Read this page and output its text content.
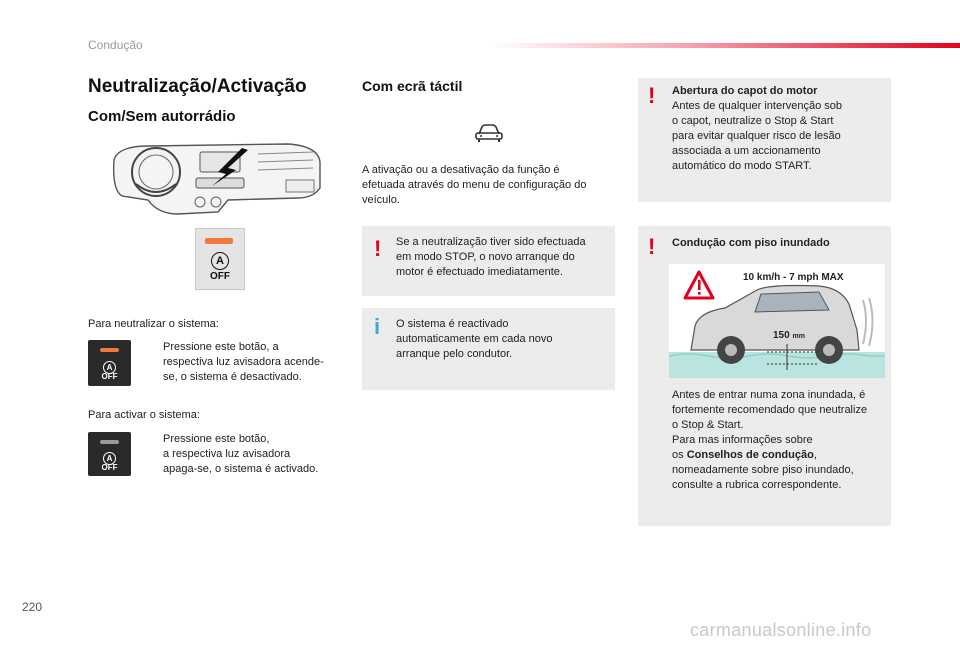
Condução
Neutralização/Activação
Com/Sem autorrádio
A
OFF
Para neutralizar o sistema:
A
OFF
Pressione este botão, a
respectiva luz avisadora acende-
se, o sistema é desactivado.
Para activar o sistema:
A
OFF
Pressione este botão,
a respectiva luz avisadora
apaga-se, o sistema é activado.
Com ecrã táctil
A ativação ou a desativação da função é
efetuada através do menu de configuração do
veículo.
! Se a neutralização tiver sido efectuada
em modo STOP, o novo arranque do
motor é efectuado imediatamente.
i O sistema é reactivado
automaticamente em cada novo
arranque pelo condutor.
! Abertura do capot do motor
Antes de qualquer intervenção sob
o capot, neutralize o Stop & Start
para evitar qualquer risco de lesão
associada a um accionamento
automático do modo START.
! Condução com piso inundado
10 km/h - 7 mph MAX
150 mm
Antes de entrar numa zona inundada, é
fortemente recomendado que neutralize
o Stop & Start.
Para mas informações sobre
os Conselhos de condução,
nomeadamente sobre piso inundado,
consulte a rubrica correspondente.
220
carmanualsonline.info
